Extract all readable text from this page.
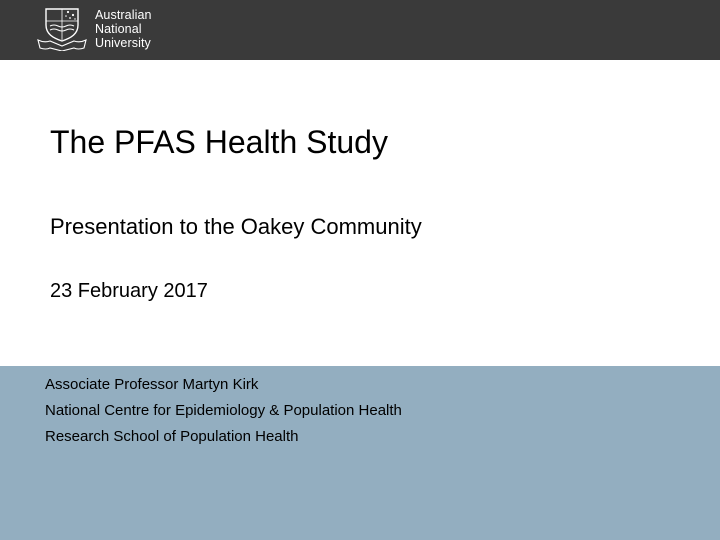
Australian
National
University
The PFAS Health Study
Presentation to the Oakey Community
23 February 2017
Associate Professor Martyn Kirk
National Centre for Epidemiology & Population Health
Research School of Population Health
